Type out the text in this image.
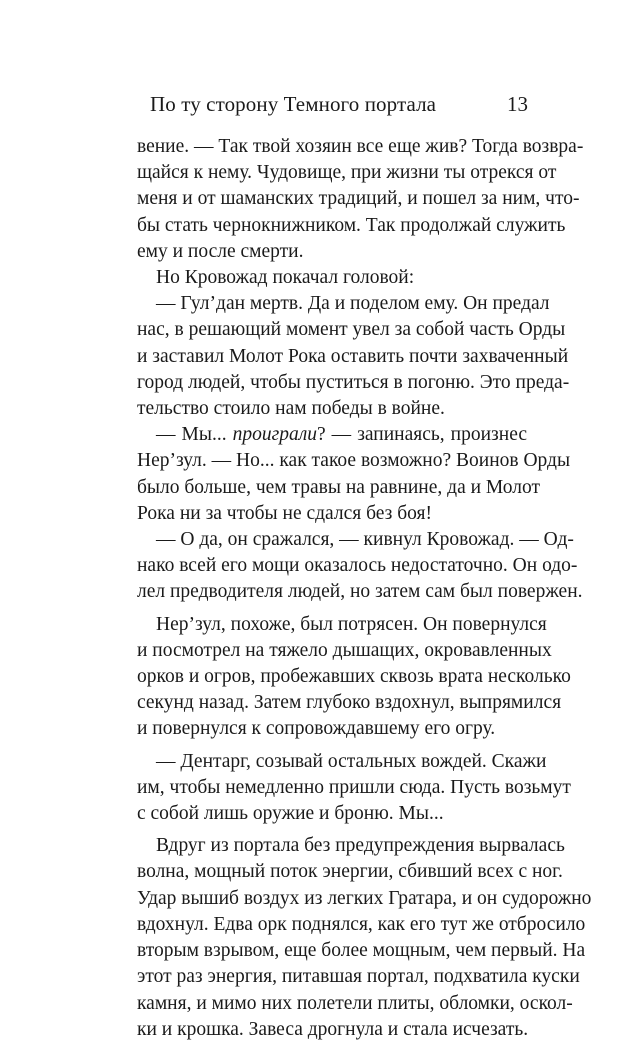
По ту сторону Темного портала	13

вение. — Так твой хозяин все еще жив? Тогда возвра-
щайся к нему. Чудовище, при жизни ты отрекся от
меня и от шаманских традиций, и пошел за ним, что-
бы стать чернокнижником. Так продолжай служить
ему и после смерти.

Но Кровожад покачал головой:

— Гул’дан мертв. Да и поделом ему. Он предал
нас, в решающий момент увел за собой часть Орды
и заставил Молот Рока оставить почти захваченный
город людей, чтобы пуститься в погоню. Это преда-
тельство стоило нам победы в войне.

— Мы... проиграли? — запинаясь, произнес
Нер’зул. — Но... как такое возможно? Воинов Орды
было больше, чем травы на равнине, да и Молот
Рока ни за чтобы не сдался без боя!

— О да, он сражался, — кивнул Кровожад. — Од-
нако всей его мощи оказалось недостаточно. Он одо-
лел предводителя людей, но затем сам был повержен.

Нер’зул, похоже, был потрясен. Он повернулся
и посмотрел на тяжело дышащих, окровавленных
орков и огров, пробежавших сквозь врата несколько
секунд назад. Затем глубоко вздохнул, выпрямился
и повернулся к сопровождавшему его огру.

— Дентарг, созывай остальных вождей. Скажи
им, чтобы немедленно пришли сюда. Пусть возьмут
с собой лишь оружие и броню. Мы...

Вдруг из портала без предупреждения вырвалась
волна, мощный поток энергии, сбивший всех с ног.
Удар вышиб воздух из легких Гратара, и он судорожно
вдохнул. Едва орк поднялся, как его тут же отбросило
вторым взрывом, еще более мощным, чем первый. На
этот раз энергия, питавшая портал, подхватила куски
камня, и мимо них полетели плиты, обломки, оскол-
ки и крошка. Завеса дрогнула и стала исчезать.
